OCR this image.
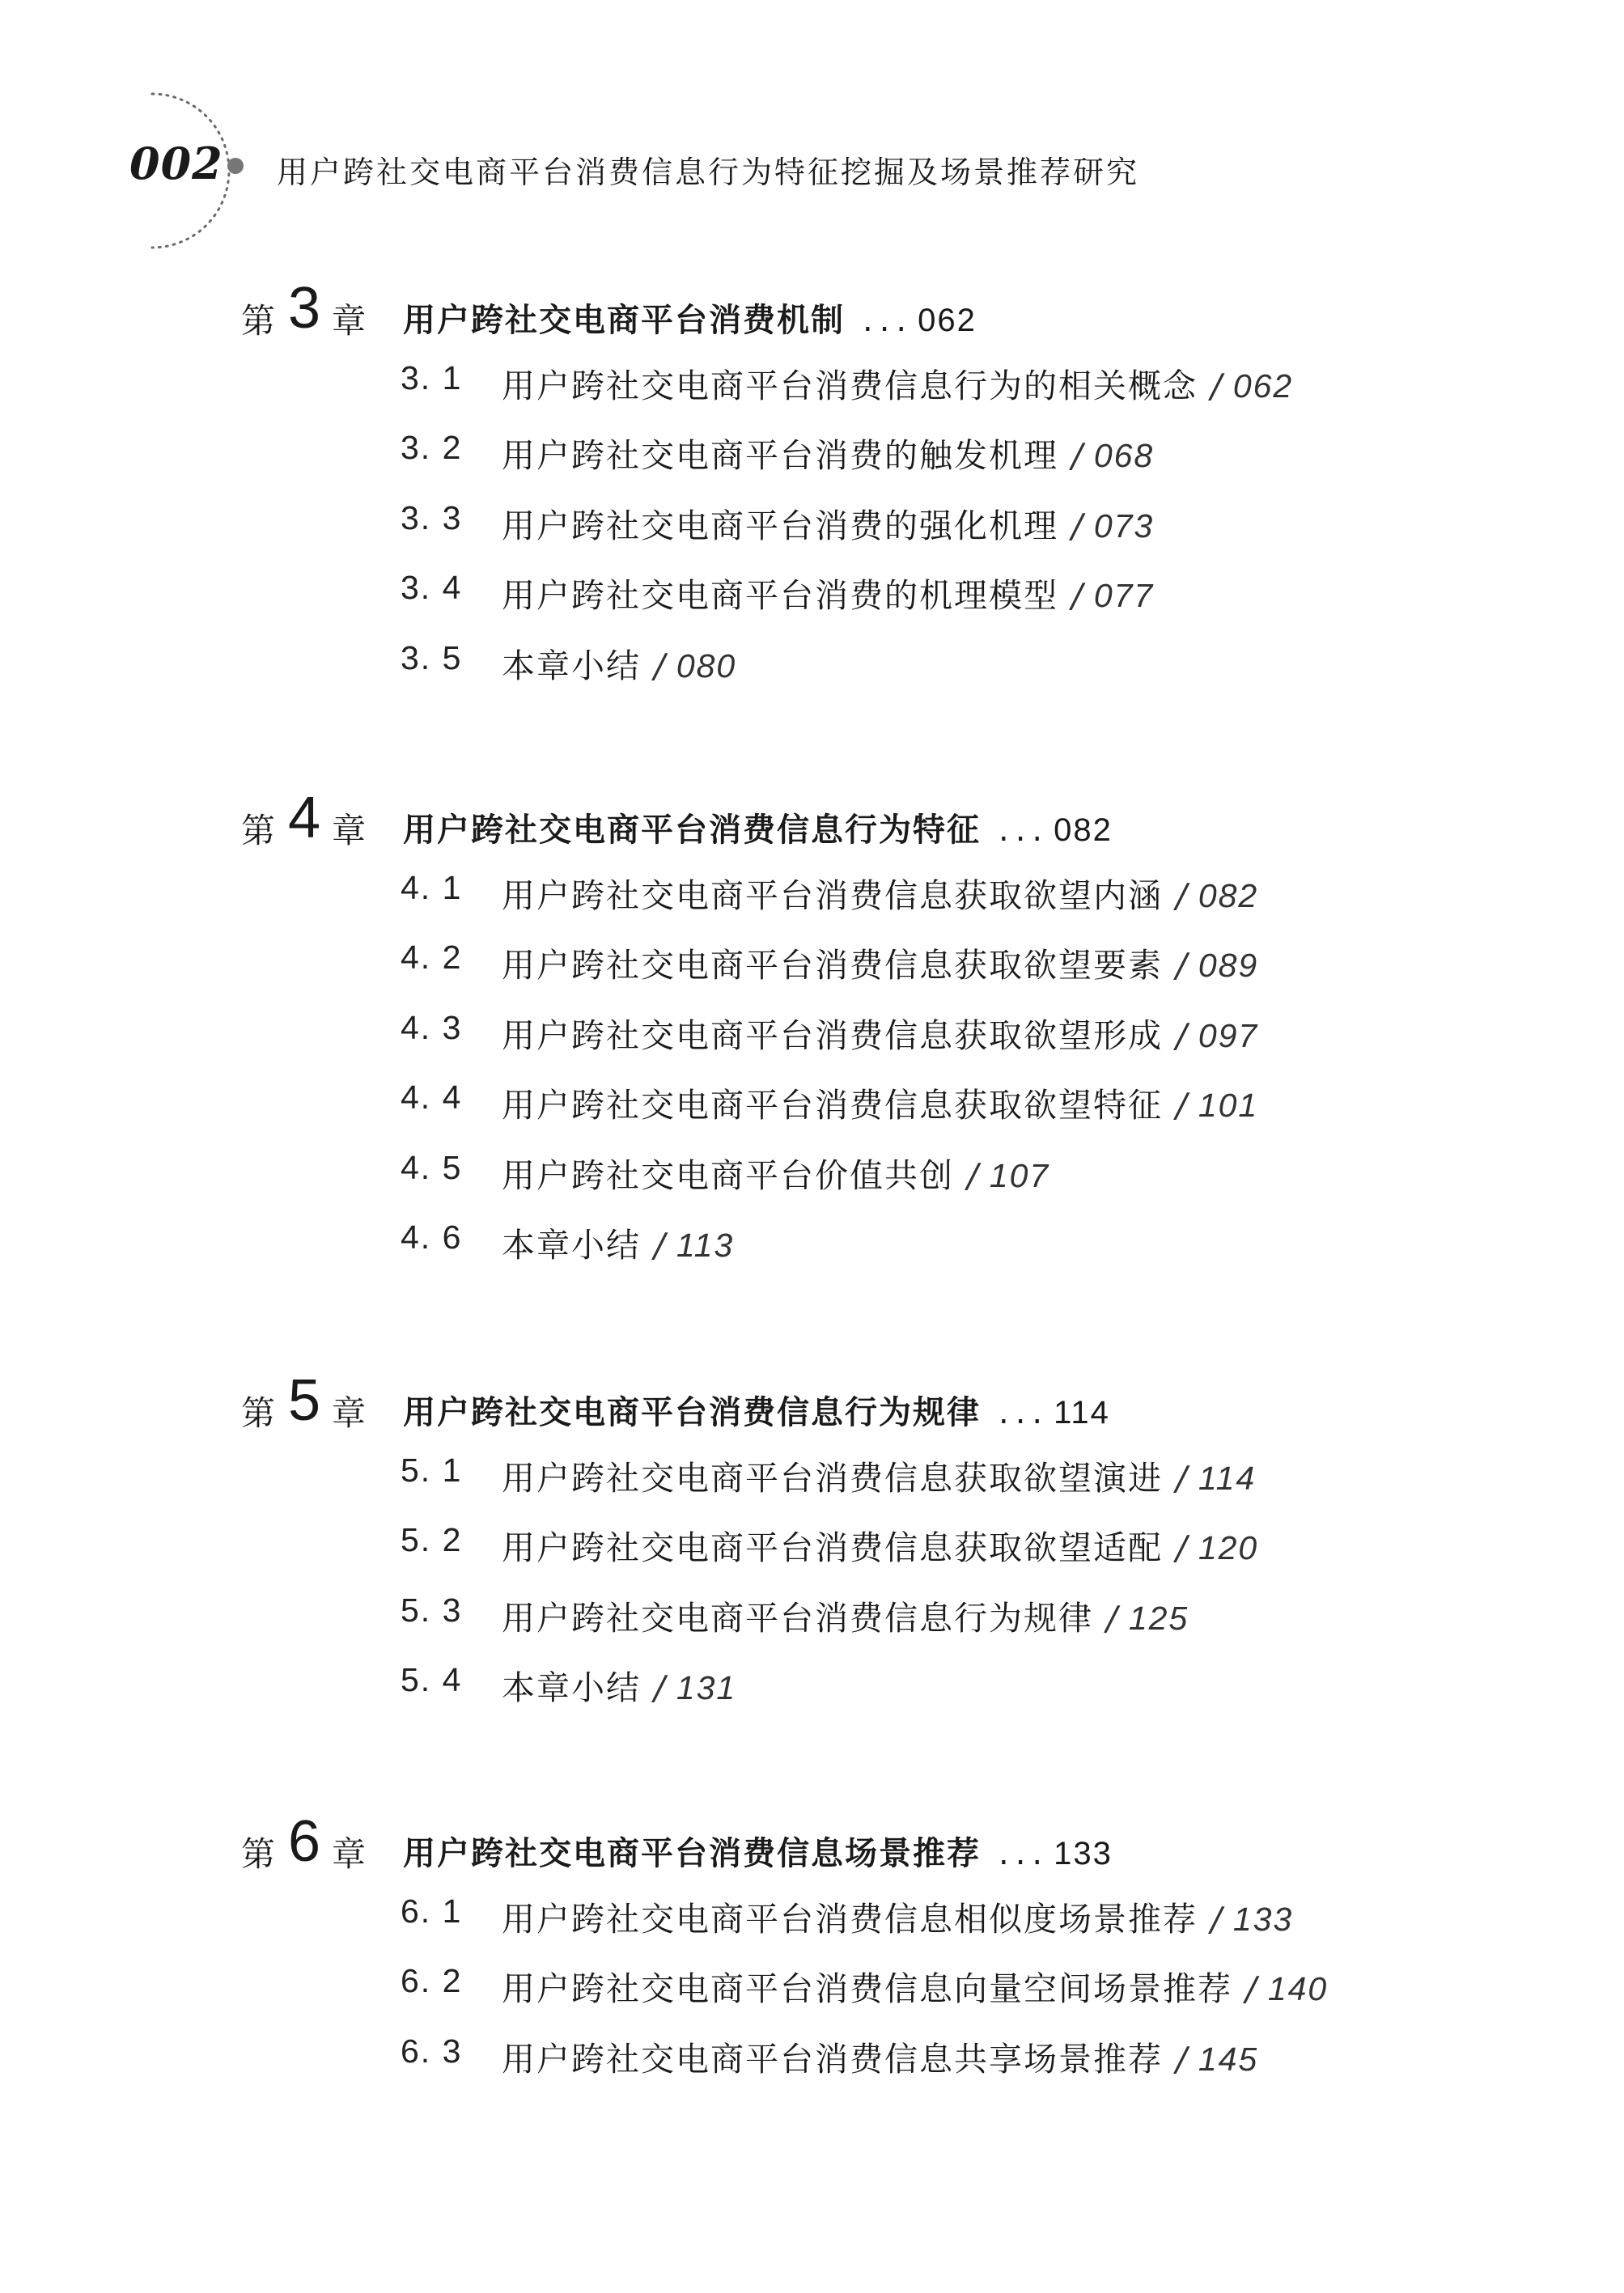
002 用户跨社交电商平台消费信息行为特征挖掘及场景推荐研究
第 3 章 用户跨社交电商平台消费机制 ... 062
3. 1 用户跨社交电商平台消费信息行为的相关概念 / 062
3. 2 用户跨社交电商平台消费的触发机理 / 068
3. 3 用户跨社交电商平台消费的强化机理 / 073
3. 4 用户跨社交电商平台消费的机理模型 / 077
3. 5 本章小结 / 080
第 4 章 用户跨社交电商平台消费信息行为特征 ... 082
4. 1 用户跨社交电商平台消费信息获取欲望内涵 / 082
4. 2 用户跨社交电商平台消费信息获取欲望要素 / 089
4. 3 用户跨社交电商平台消费信息获取欲望形成 / 097
4. 4 用户跨社交电商平台消费信息获取欲望特征 / 101
4. 5 用户跨社交电商平台价值共创 / 107
4. 6 本章小结 / 113
第 5 章 用户跨社交电商平台消费信息行为规律 ... 114
5. 1 用户跨社交电商平台消费信息获取欲望演进 / 114
5. 2 用户跨社交电商平台消费信息获取欲望适配 / 120
5. 3 用户跨社交电商平台消费信息行为规律 / 125
5. 4 本章小结 / 131
第 6 章 用户跨社交电商平台消费信息场景推荐 ... 133
6. 1 用户跨社交电商平台消费信息相似度场景推荐 / 133
6. 2 用户跨社交电商平台消费信息向量空间场景推荐 / 140
6. 3 用户跨社交电商平台消费信息共享场景推荐 / 145
